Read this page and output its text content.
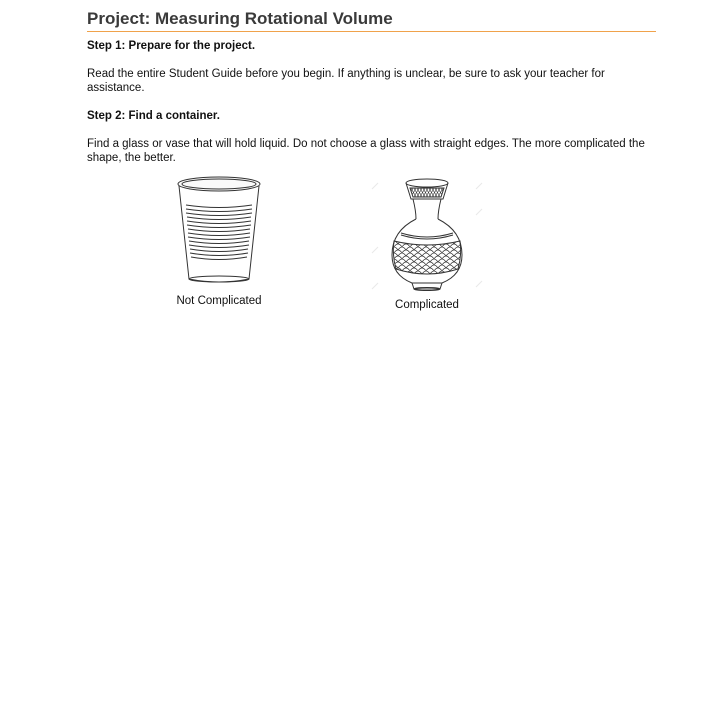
Project: Measuring Rotational Volume
Step 1: Prepare for the project.
Read the entire Student Guide before you begin. If anything is unclear, be sure to ask your teacher for assistance.
Step 2: Find a container.
Find a glass or vase that will hold liquid. Do not choose a glass with straight edges. The more complicated the shape, the better.
Not Complicated	Complicated
